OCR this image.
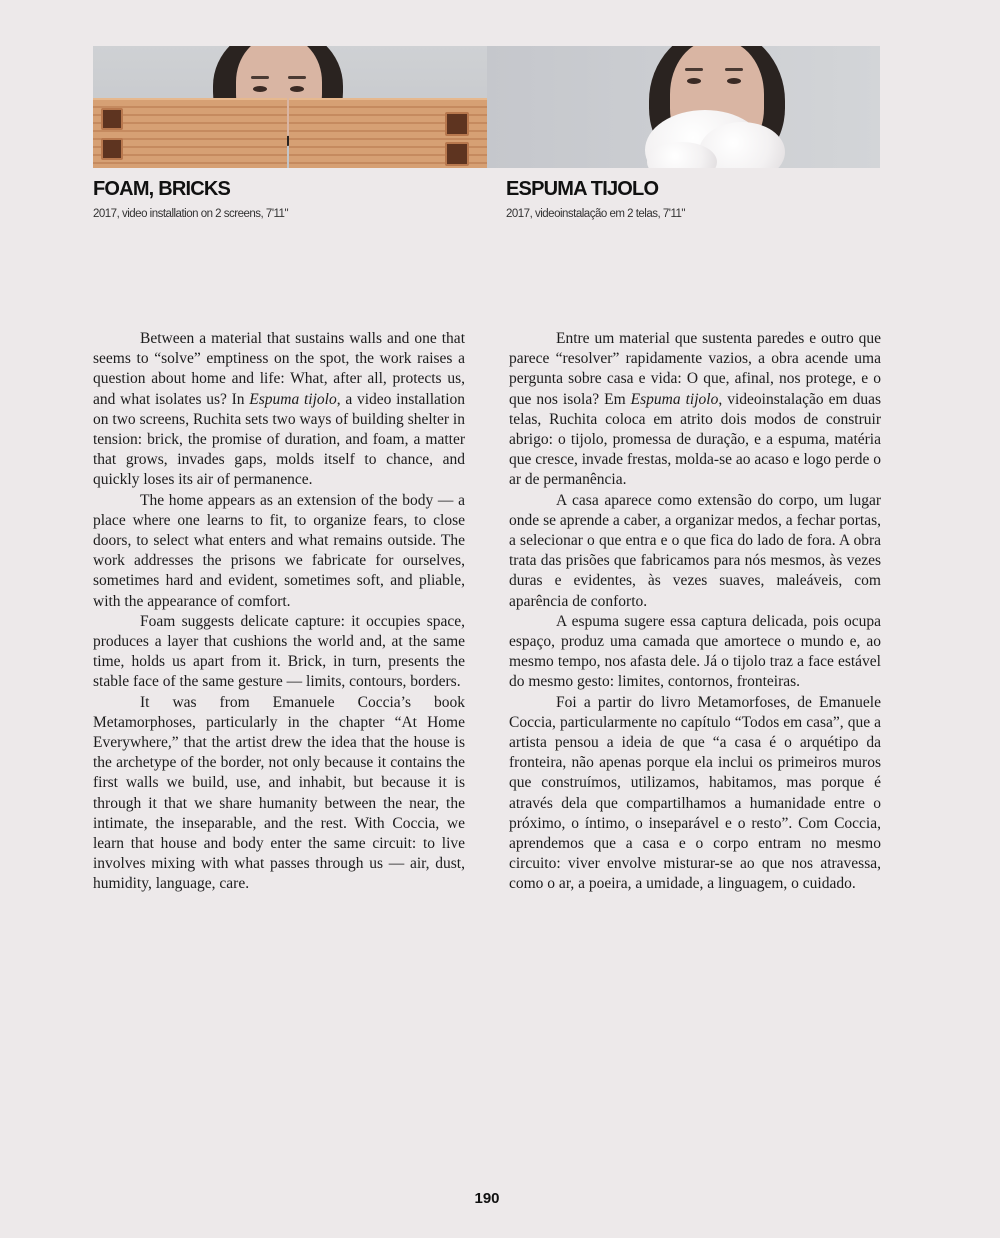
FOAM, BRICKS

2017, video installation on 2 screens, 7'11"

ESPUMA TIJOLO

2017, videoinstalação em 2 telas, 7'11"

Between a material that sustains walls and one that seems to “solve” emptiness on the spot, the work raises a question about home and life: What, after all, protects us, and what isolates us? In Espuma tijolo, a video installation on two screens, Ruchita sets two ways of building shelter in tension: brick, the promise of duration, and foam, a matter that grows, invades gaps, molds itself to chance, and quickly loses its air of permanence.

The home appears as an extension of the body — a place where one learns to fit, to organize fears, to close doors, to select what enters and what remains outside. The work addresses the prisons we fabricate for ourselves, sometimes hard and evident, sometimes soft, and pliable, with the appearance of comfort.

Foam suggests delicate capture: it occupies space, produces a layer that cushions the world and, at the same time, holds us apart from it. Brick, in turn, presents the stable face of the same gesture — limits, contours, borders.

It was from Emanuele Coccia’s book Metamorphoses, particularly in the chapter “At Home Everywhere,” that the artist drew the idea that the house is the archetype of the border, not only because it contains the first walls we build, use, and inhabit, but because it is through it that we share humanity between the near, the intimate, the inseparable, and the rest. With Coccia, we learn that house and body enter the same circuit: to live involves mixing with what passes through us — air, dust, humidity, language, care.

Entre um material que sustenta paredes e outro que parece “resolver” rapidamente vazios, a obra acende uma pergunta sobre casa e vida: O que, afinal, nos protege, e o que nos isola? Em Espuma tijolo, videoinstalação em duas telas, Ruchita coloca em atrito dois modos de construir abrigo: o tijolo, promessa de duração, e a espuma, matéria que cresce, invade frestas, molda-se ao acaso e logo perde o ar de permanência.

A casa aparece como extensão do corpo, um lugar onde se aprende a caber, a organizar medos, a fechar portas, a selecionar o que entra e o que fica do lado de fora. A obra trata das prisões que fabricamos para nós mesmos, às vezes duras e evidentes, às vezes suaves, maleáveis, com aparência de conforto.

A espuma sugere essa captura delicada, pois ocupa espaço, produz uma camada que amortece o mundo e, ao mesmo tempo, nos afasta dele. Já o tijolo traz a face estável do mesmo gesto: limites, contornos, fronteiras.

Foi a partir do livro Metamorfoses, de Emanuele Coccia, particularmente no capítulo “Todos em casa”, que a artista pensou a ideia de que “a casa é o arquétipo da fronteira, não apenas porque ela inclui os primeiros muros que construímos, utilizamos, habitamos, mas porque é através dela que compartilhamos a humanidade entre o próximo, o íntimo, o inseparável e o resto”. Com Coccia, aprendemos que a casa e o corpo entram no mesmo circuito: viver envolve misturar-se ao que nos atravessa, como o ar, a poeira, a umidade, a linguagem, o cuidado.

190
